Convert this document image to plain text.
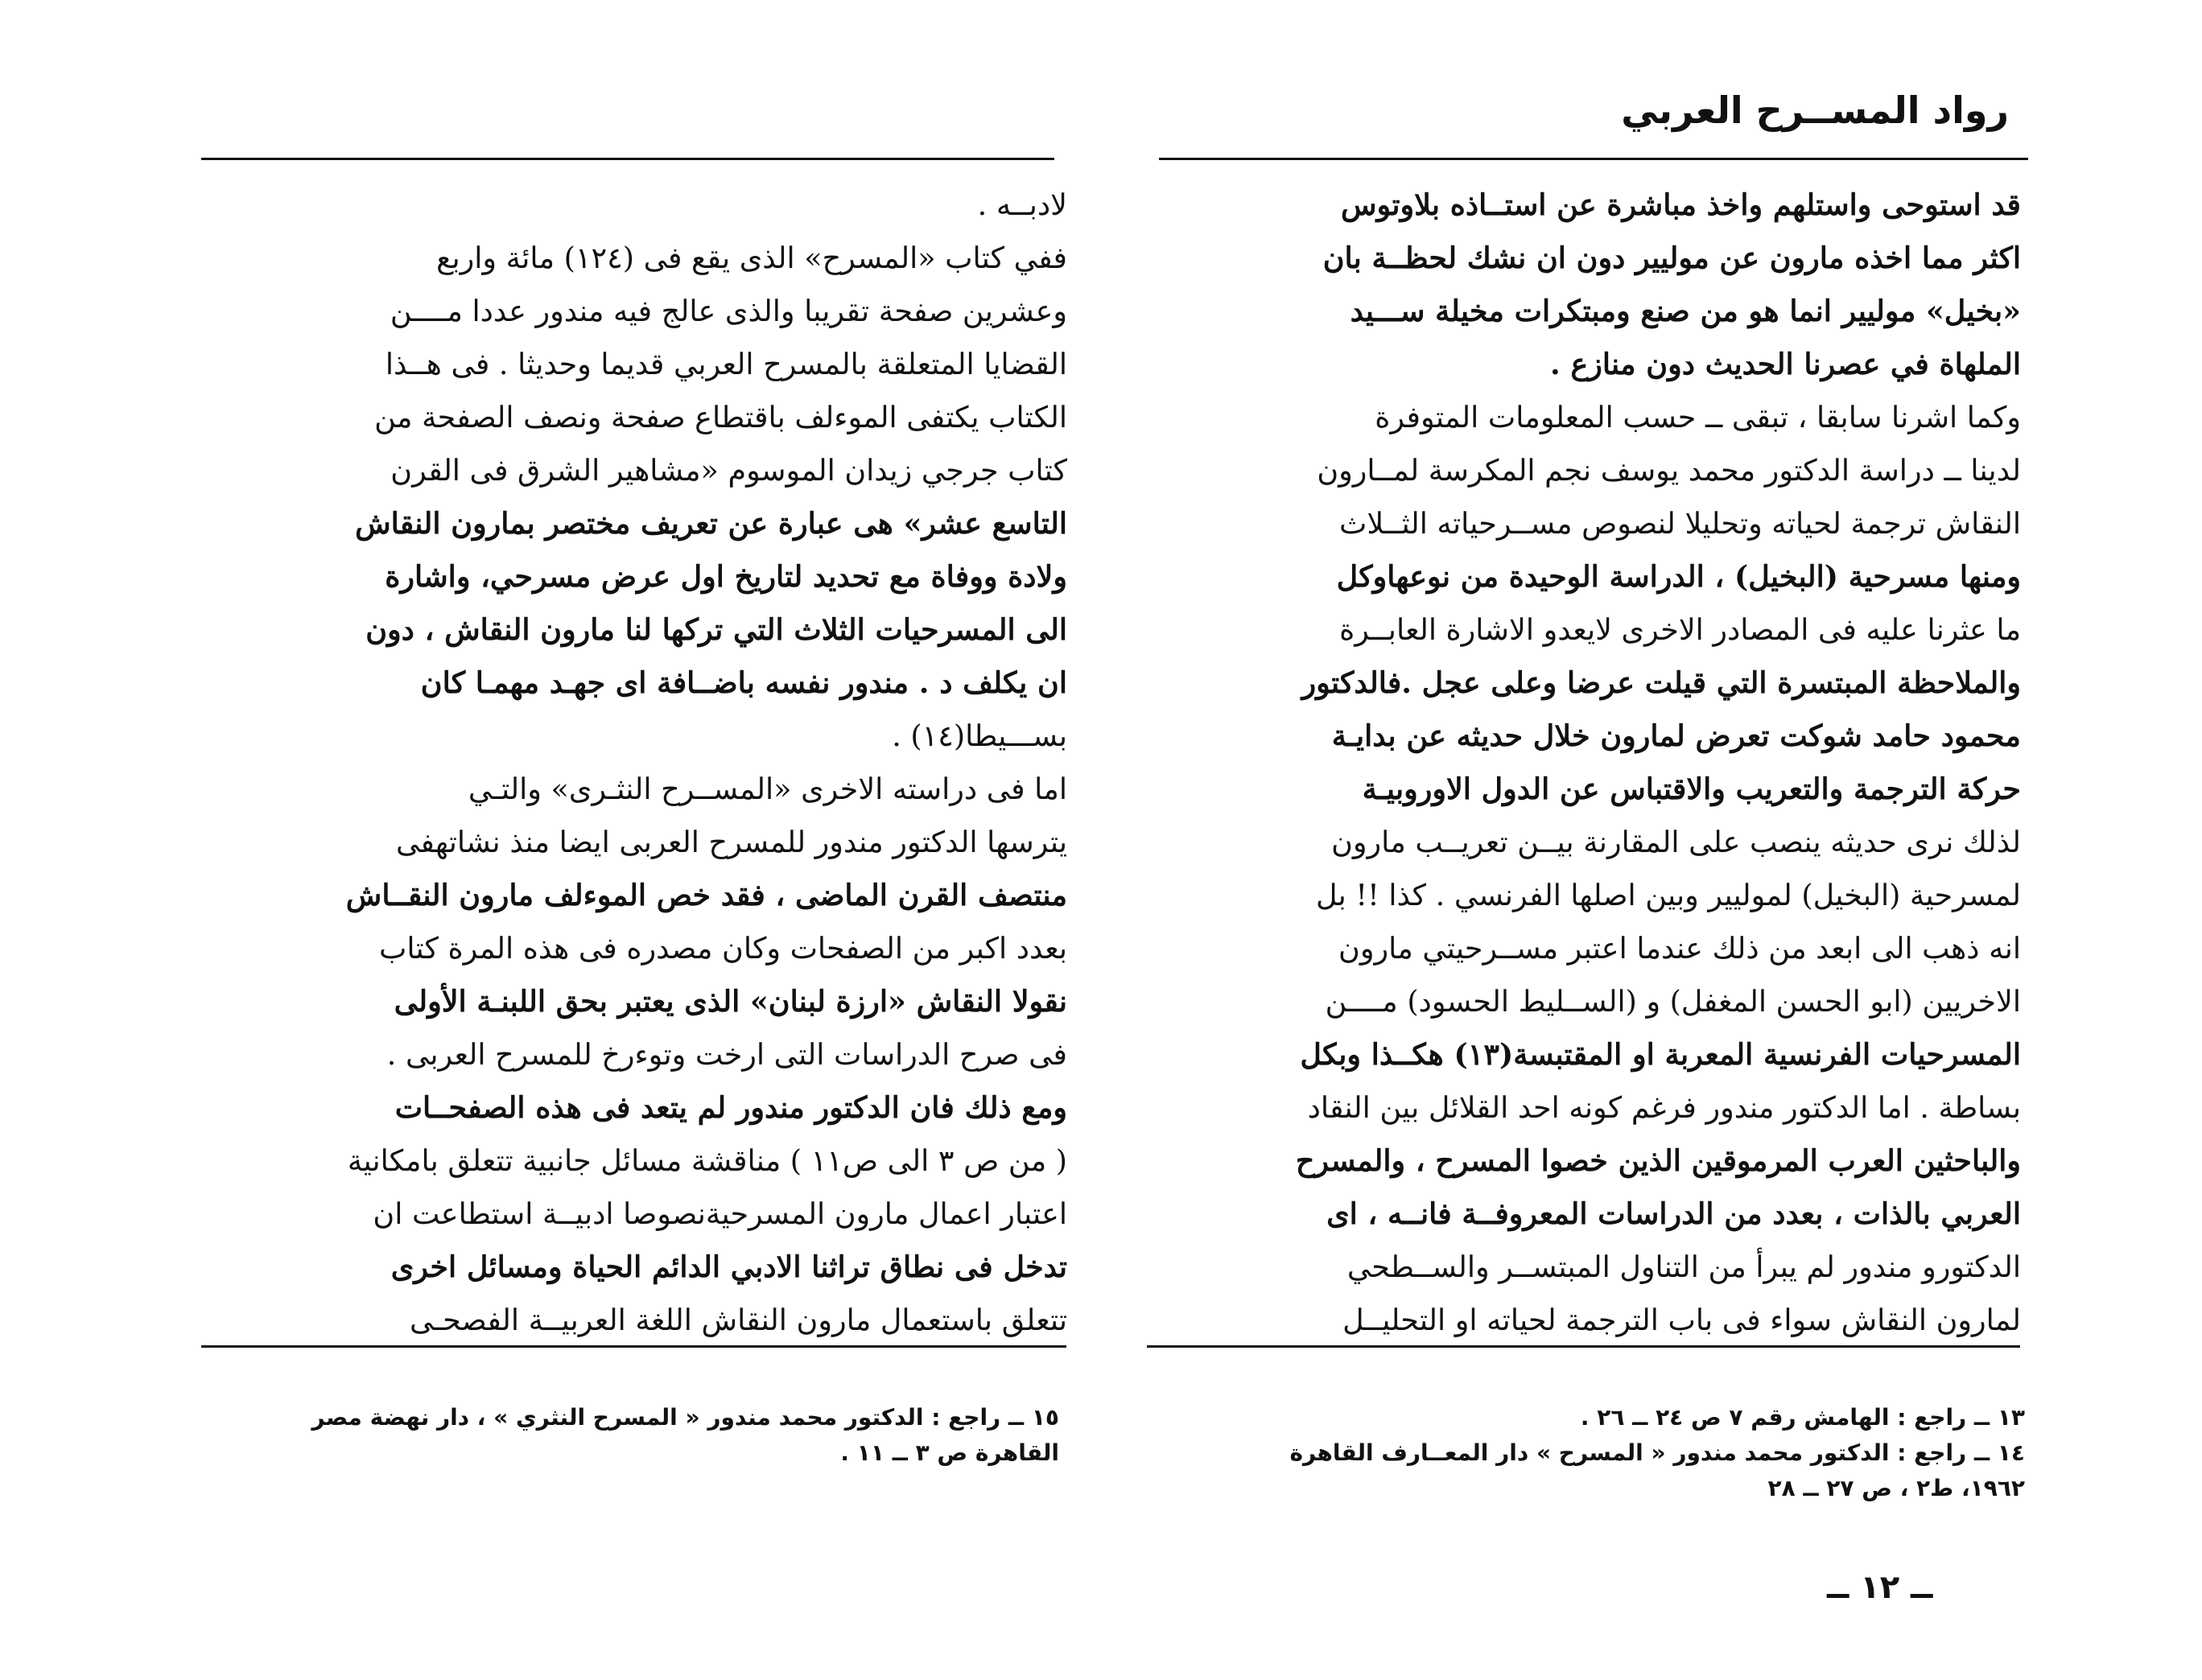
رواد المســرح العربي
قد استوحى واستلهم واخذ مباشرة عن استــاذه بلاوتوس
اكثر مما اخذه مارون عن موليير دون ان نشك لحظــة بان
«بخيل» موليير انما هو من صنع ومبتكرات مخيلة ســـيد
الملهاة في عصرنا الحديث دون منازع .
وكما اشرنا سابقا ، تبقى ــ حسب المعلومات المتوفرة
لدينا ــ دراسة الدكتور محمد يوسف نجم المكرسة لمــارون
النقاش ترجمة لحياته وتحليلا لنصوص مســرحياته الثــلاث
ومنها مسرحية (البخيل) ، الدراسة الوحيدة من نوعهاوكل
ما عثرنا عليه فى المصادر الاخرى لايعدو الاشارة العابــرة
والملاحظة المبتسرة التي قيلت عرضا وعلى عجل .فالدكتور
محمود حامد شوكت تعرض لمارون خلال حديثه عن بدايـة
حركة الترجمة والتعريب والاقتباس عن الدول الاوروبيـة
لذلك نرى حديثه ينصب على المقارنة بيــن تعريــب مارون
لمسرحية (البخيل) لموليير وبين اصلها الفرنسي . كذا !! بل
انه ذهب الى ابعد من ذلك عندما اعتبر مســرحيتي مارون
الاخريين (ابو الحسن المغفل) و (الســليط الحسود) مــــن
المسرحيات الفرنسية المعربة او المقتبسة(١٣) هكــذا وبكل
بساطة . اما الدكتور مندور فرغم كونه احد القلائل بين النقاد
والباحثين العرب المرموقين الذين خصوا المسرح ، والمسرح
العربي بالذات ، بعدد من الدراسات المعروفــة فانــه ، اى
الدكتورو مندور لم يبرأ من التناول المبتســر والســطحي
لمارون النقاش سواء فى باب الترجمة لحياته او التحليــل
لادبــه .
ففي كتاب «المسرح» الذى يقع فى (١٢٤) مائة واربع
وعشرين صفحة تقريبا والذى عالج فيه مندور عددا مــــن
القضايا المتعلقة بالمسرح العربي قديما وحديثا . فى هــذا
الكتاب يكتفى الموءلف باقتطاع صفحة ونصف الصفحة من
كتاب جرجي زيدان الموسوم «مشاهير الشرق فى القرن
التاسع عشر» هى عبارة عن تعريف مختصر بمارون النقاش
ولادة ووفاة مع تحديد لتاريخ اول عرض مسرحي، واشارة
الى المسرحيات الثلاث التي تركها لنا مارون النقاش ، دون
ان يكلف د . مندور نفسه باضــافة اى جهـد مهمـا كان
بســـيطا(١٤) .
اما فى دراسته الاخرى «المســرح النثـرى» والتـي
يترسها الدكتور مندور للمسرح العربى ايضا منذ نشاتهفى
منتصف القرن الماضى ، فقد خص الموءلف مارون النقــاش
بعدد اكبر من الصفحات وكان مصدره فى هذه المرة كتاب
نقولا النقاش «ارزة لبنان» الذى يعتبر بحق اللبنـة الأولى
فى صرح الدراسات التى ارخت وتوءرخ للمسرح العربى .
ومع ذلك فان الدكتور مندور لم يتعد فى هذه الصفحــات
( من ص ٣ الى ص١١ ) مناقشة مسائل جانبية تتعلق بامكانية
اعتبار اعمال مارون المسرحيةنصوصا ادبيــة استطاعت ان
تدخل فى نطاق تراثنا الادبي الدائم الحياة ومسائل اخرى
تتعلق باستعمال مارون النقاش اللغة العربيــة الفصحـى
١٣ ــ راجع : الهامش رقم ٧ ص ٢٤ ــ ٢٦ .
١٤ ــ راجع : الدكتور محمد مندور « المسرح » دار المعــارف القاهرة
١٩٦٢، ط٢ ، ص ٢٧ ــ ٢٨
١٥ ــ راجع : الدكتور محمد مندور « المسرح النثري » ، دار نهضة مصر
القاهرة ص ٣ ــ ١١ .
ــ ١٢ ــ
